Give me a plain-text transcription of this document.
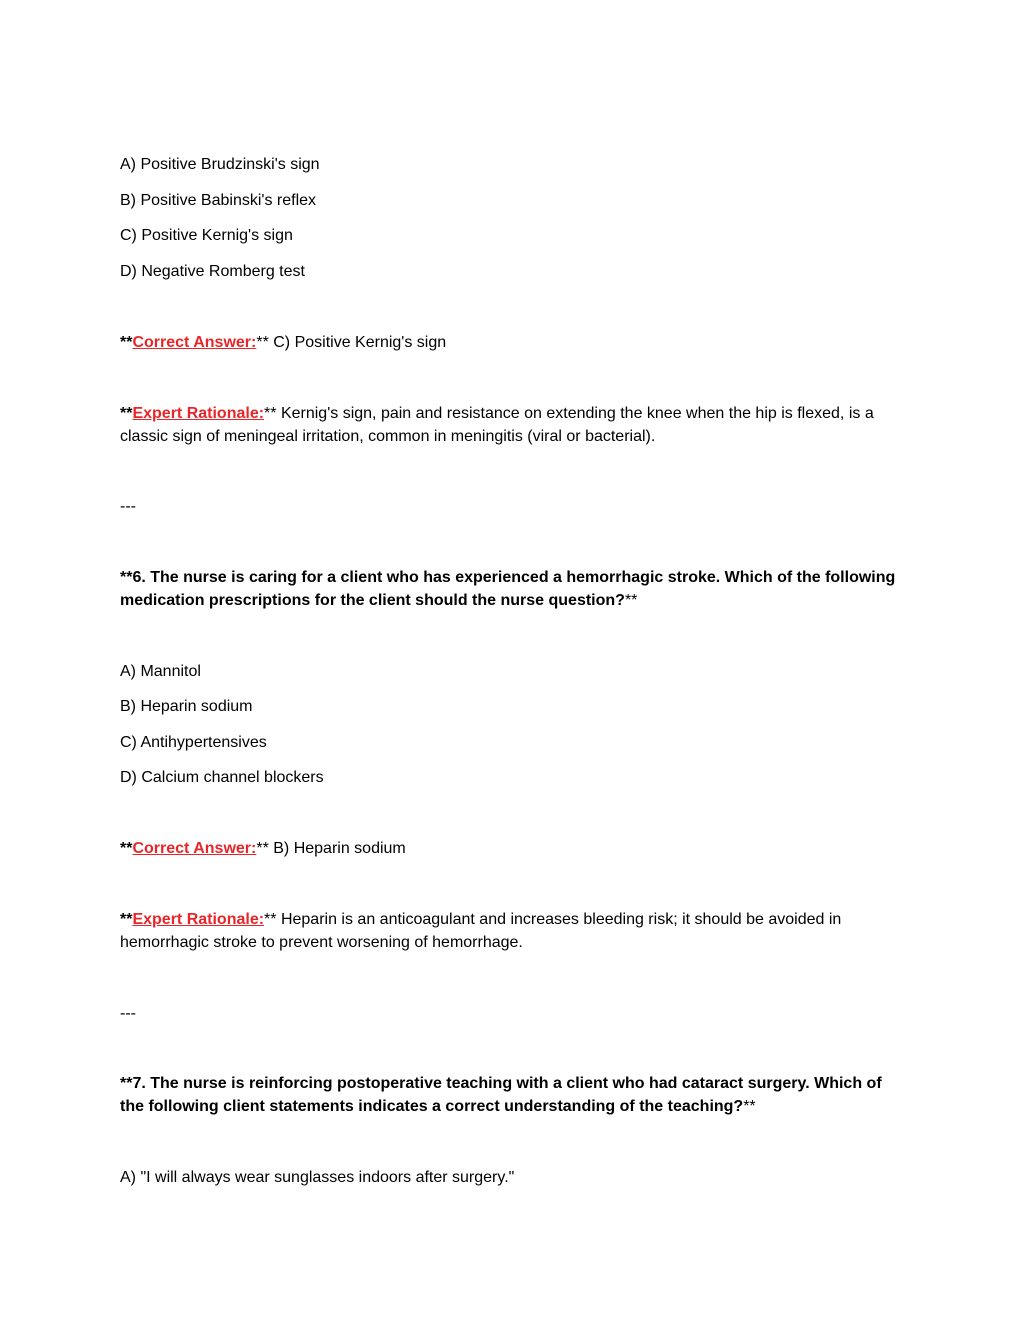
A) Positive Brudzinski's sign
B) Positive Babinski's reflex
C) Positive Kernig's sign
D) Negative Romberg test
**Correct Answer:** C) Positive Kernig's sign
**Expert Rationale:** Kernig's sign, pain and resistance on extending the knee when the hip is flexed, is a classic sign of meningeal irritation, common in meningitis (viral or bacterial).
---
**6. The nurse is caring for a client who has experienced a hemorrhagic stroke. Which of the following medication prescriptions for the client should the nurse question?**
A) Mannitol
B) Heparin sodium
C) Antihypertensives
D) Calcium channel blockers
**Correct Answer:** B) Heparin sodium
**Expert Rationale:** Heparin is an anticoagulant and increases bleeding risk; it should be avoided in hemorrhagic stroke to prevent worsening of hemorrhage.
---
**7. The nurse is reinforcing postoperative teaching with a client who had cataract surgery. Which of the following client statements indicates a correct understanding of the teaching?**
A) "I will always wear sunglasses indoors after surgery."
